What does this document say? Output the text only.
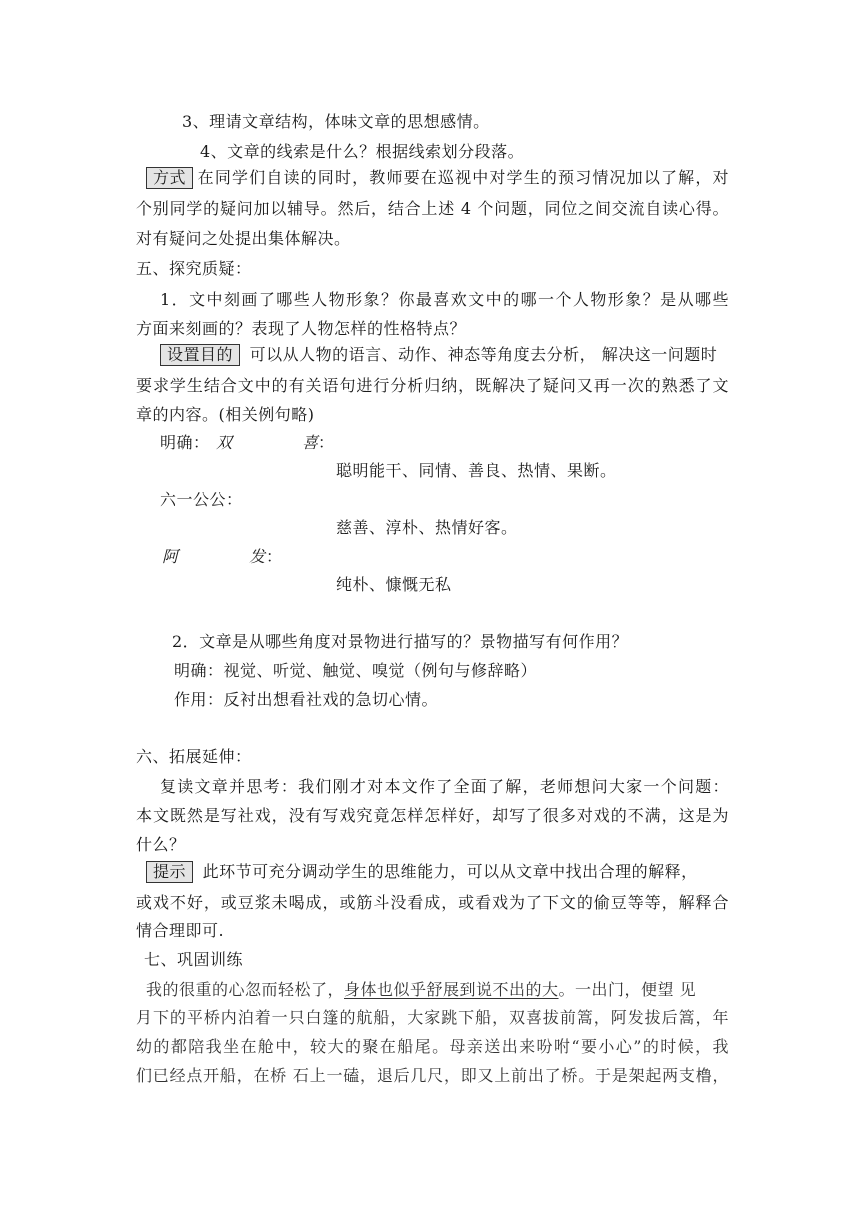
3、理请文章结构，体味文章的思想感情。
4、文章的线索是什么？根据线索划分段落。
方式 在同学们自读的同时，教师要在巡视中对学生的预习情况加以了解，对
个别同学的疑问加以辅导。然后，结合上述 4 个问题，同位之间交流自读心得。
对有疑问之处提出集体解决。
五、探究质疑：
1．文中刻画了哪些人物形象？你最喜欢文中的哪一个人物形象？是从哪些
方面来刻画的？表现了人物怎样的性格特点？
设置目的 可以从人物的语言、动作、神态等角度去分析， 解决这一问题时
要求学生结合文中的有关语句进行分析归纳，既解决了疑问又再一次的熟悉了文
章的内容。(相关例句略)
明确： 双	喜 ：
聪明能干、同情、善良、热情、果断。
六一公公：
慈善、淳朴、热情好客。
阿	发 ：
纯朴、慷慨无私
2．文章是从哪些角度对景物进行描写的？景物描写有何作用？
明确：视觉、听觉、触觉、嗅觉（例句与修辞略）
作用：反衬出想看社戏的急切心情。
六、拓展延伸：
复读文章并思考：我们刚才对本文作了全面了解，老师想问大家一个问题：
本文既然是写社戏，没有写戏究竟怎样怎样好，却写了很多对戏的不满，这是为
什么？
提示 此环节可充分调动学生的思维能力，可以从文章中找出合理的解释，
或戏不好，或豆浆未喝成，或筋斗没看成，或看戏为了下文的偷豆等等，解释合
情合理即可.
七、巩固训练
我的很重的心忽而轻松了，身体也似乎舒展到说不出的大。一出门，便望 见
月下的平桥内泊着一只白篷的航船，大家跳下船，双喜拔前篙，阿发拔后篙，年
幼的都陪我坐在舱中，较大的聚在船尾。母亲送出来吩咐“要小心”的时候，我
们已经点开船，在桥 石上一磕，退后几尺，即又上前出了桥。于是架起两支橹，
